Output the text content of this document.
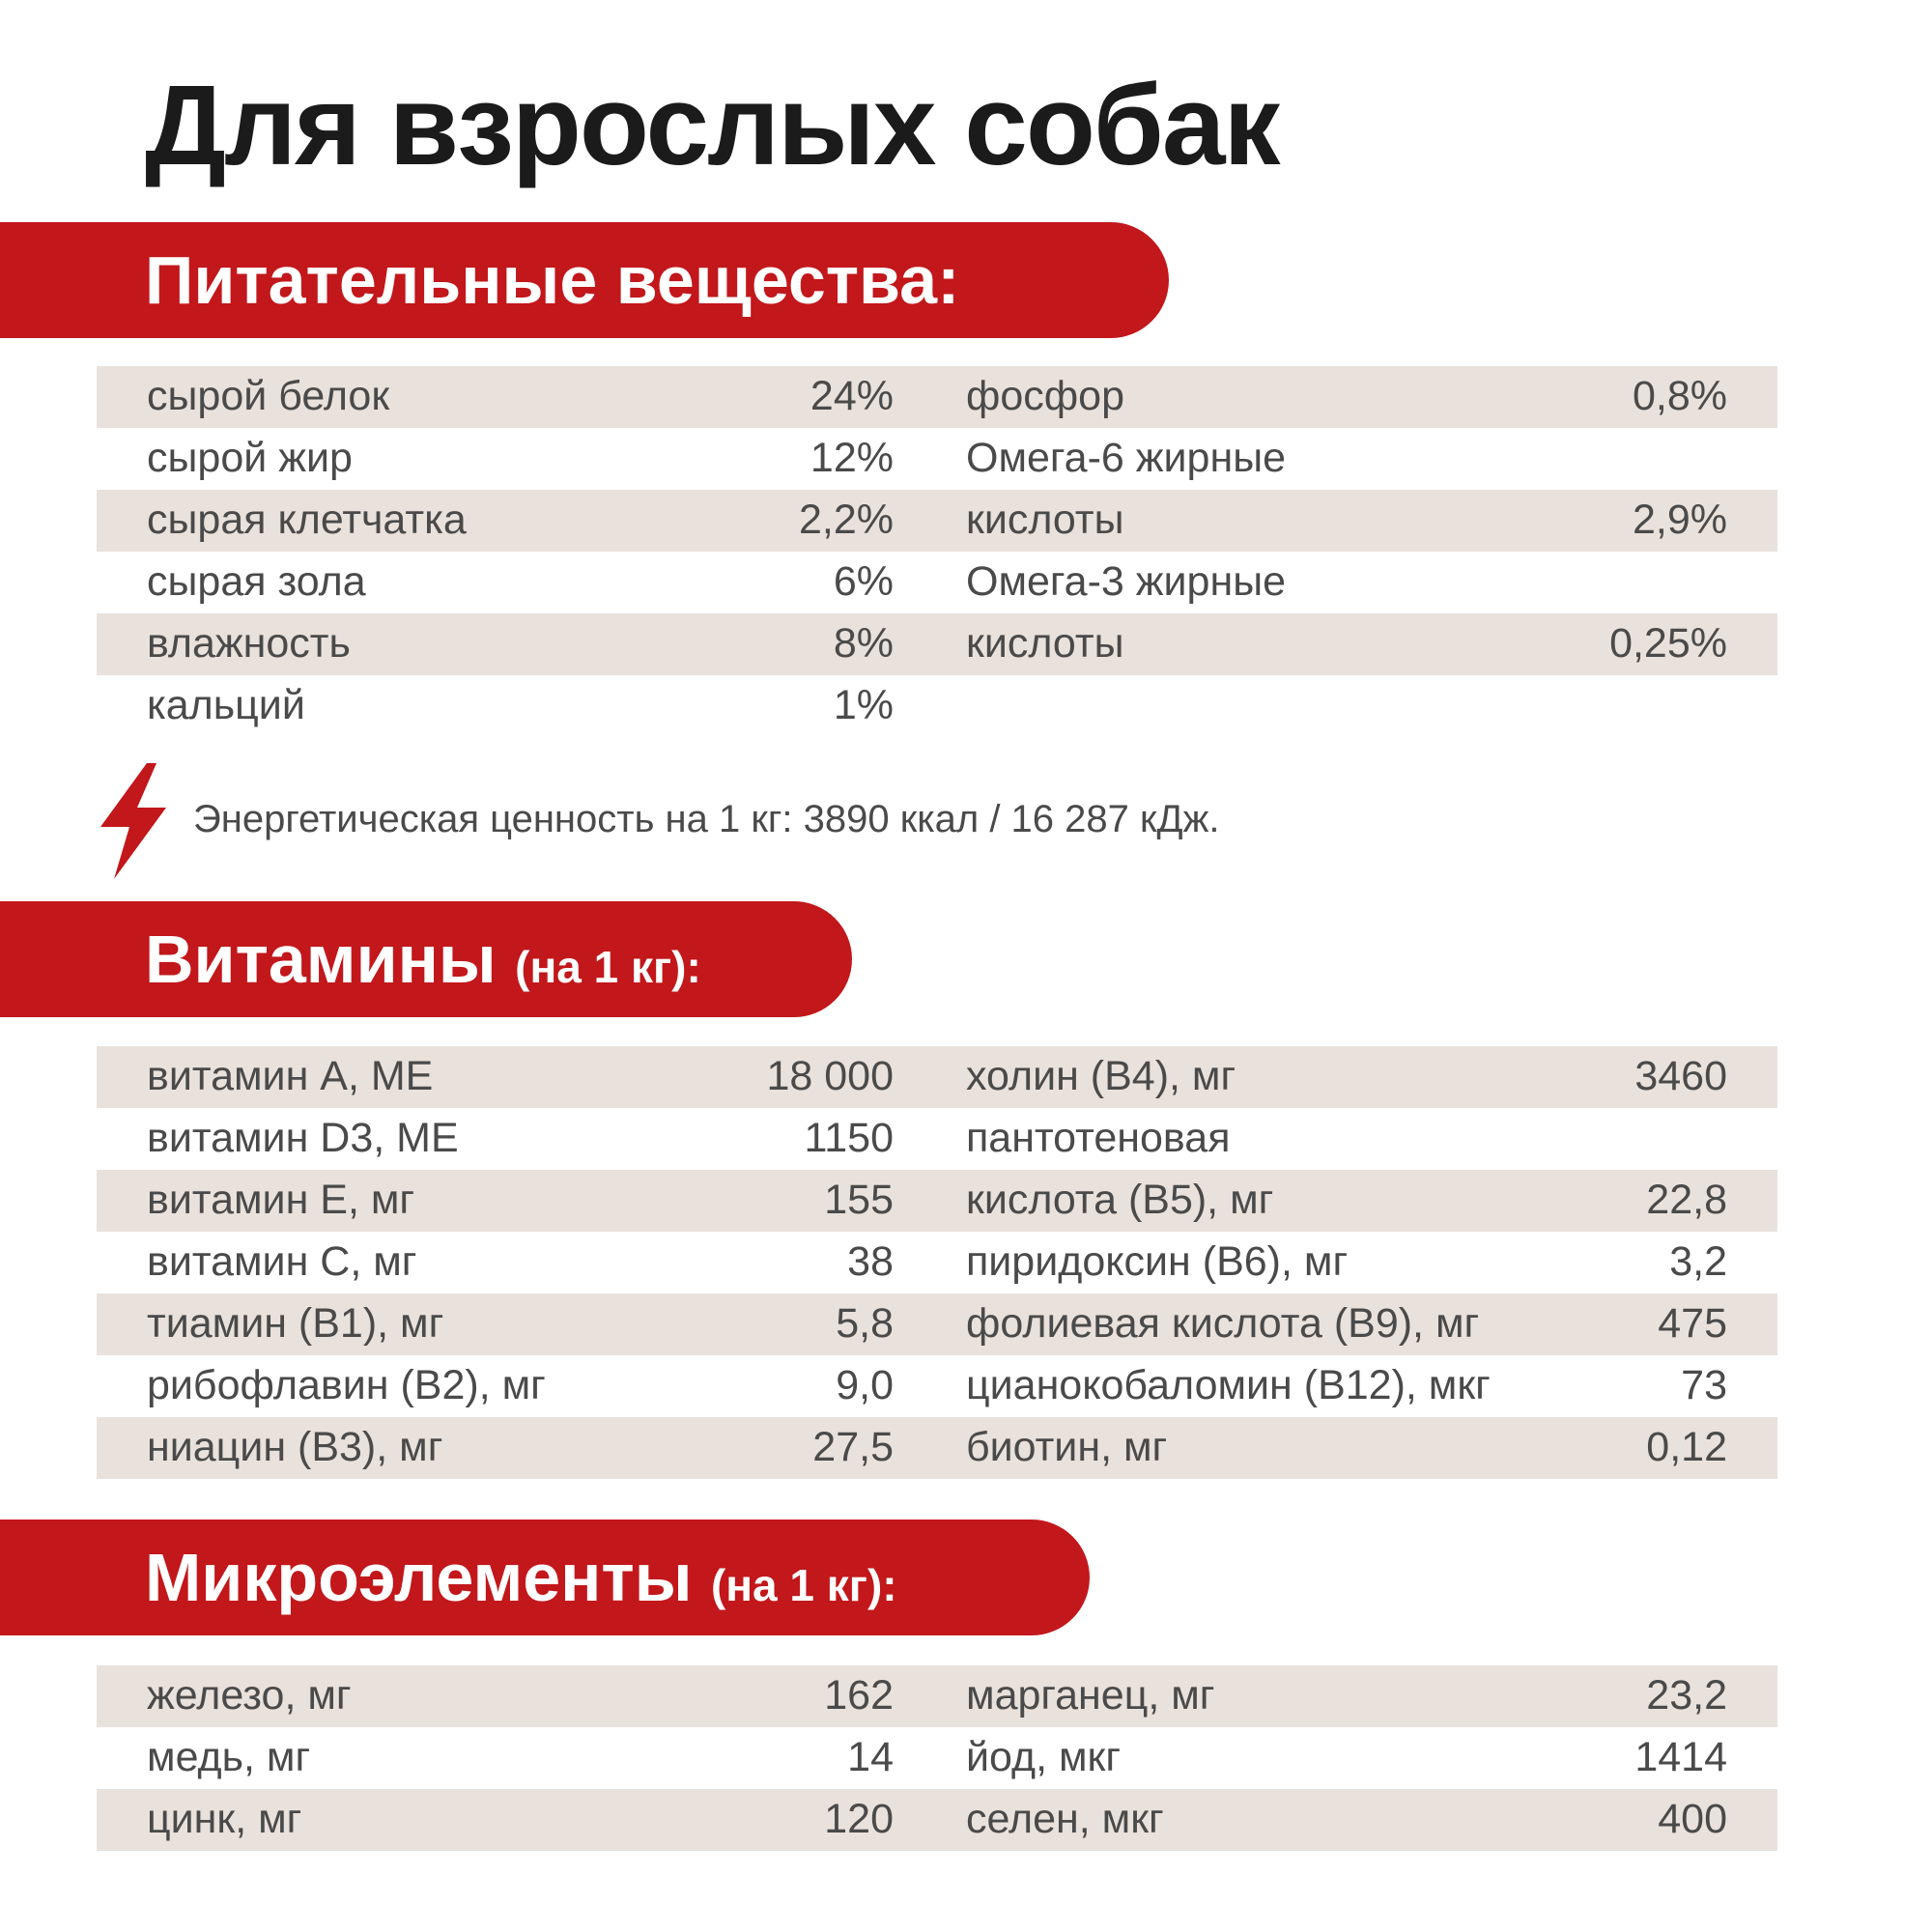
Для взрослых собак
Питательные вещества:
сырой белок	24% фосфор	0,8%
сырой жир	12% Омега-6 жирные
сырая клетчатка	2,2% кислоты	2,9%
сырая зола	6% Омега-3 жирные
влажность	8% кислоты	0,25%
кальций	1%
Энергетическая ценность на 1 кг: 3890 ккал / 16 287 кДж.
Витамины (на 1 кг):
витамин А, МЕ	18 000 холин (В4), мг	3460
витамин D3, МЕ	1150 пантотеновая
витамин Е, мг	155 кислота (В5), мг	22,8
витамин С, мг	38 пиридоксин (В6), мг	3,2
тиамин (В1), мг	5,8 фолиевая кислота (В9), мг	475
рибофлавин (В2), мг	9,0 цианокобаломин (В12), мкг	73
ниацин (В3), мг	27,5 биотин, мг	0,12
Микроэлементы (на 1 кг):
железо, мг	162 марганец, мг	23,2
медь, мг	14 йод, мкг	1414
цинк, мг	120 селен, мкг	400
